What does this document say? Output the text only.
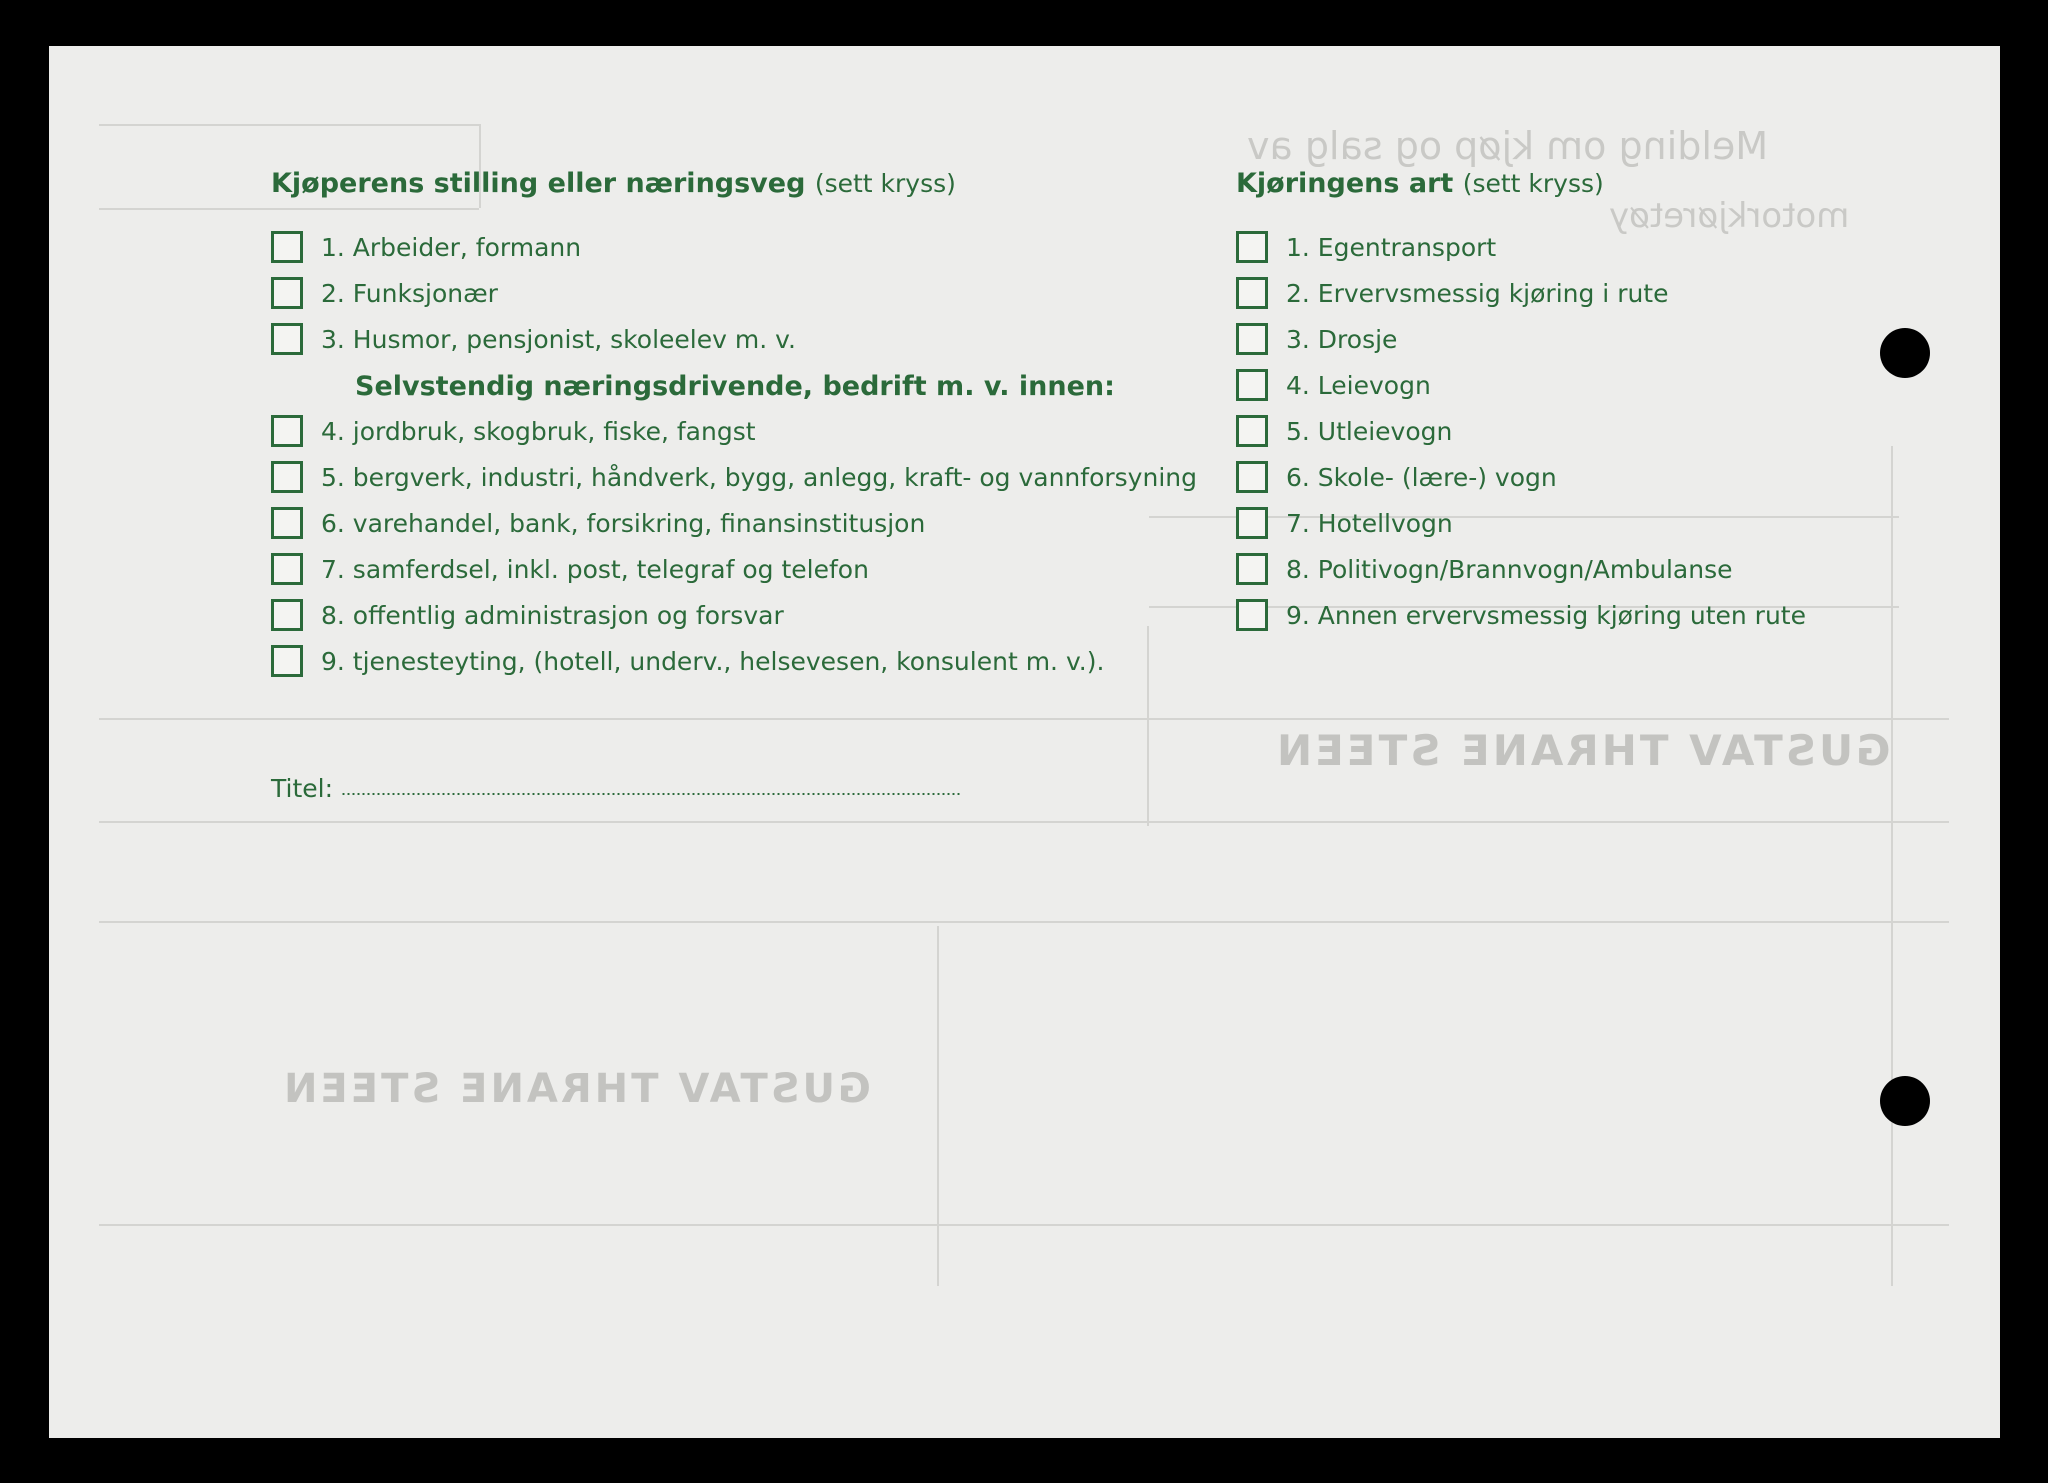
Melding om kjøp og salg av
motorkjøretøy
GUSTAV THRANE STEEN
GUSTAV THRANE STEEN
Kjøperens stilling eller næringsveg (sett kryss)
1. Arbeider, formann
2. Funksjonær
3. Husmor, pensjonist, skoleelev m. v.
Selvstendig næringsdrivende, bedrift m. v. innen:
4. jordbruk, skogbruk, fiske, fangst
5. bergverk, industri, håndverk, bygg, anlegg, kraft- og vannforsyning
6. varehandel, bank, forsikring, finansinstitusjon
7. samferdsel, inkl. post, telegraf og telefon
8. offentlig administrasjon og forsvar
9. tjenesteyting, (hotell, underv., helsevesen, konsulent m. v.).
Titel:
Kjøringens art (sett kryss)
1. Egentransport
2. Ervervsmessig kjøring i rute
3. Drosje
4. Leievogn
5. Utleievogn
6. Skole- (lære-) vogn
7. Hotellvogn
8. Politivogn/Brannvogn/Ambulanse
9. Annen ervervsmessig kjøring uten rute
